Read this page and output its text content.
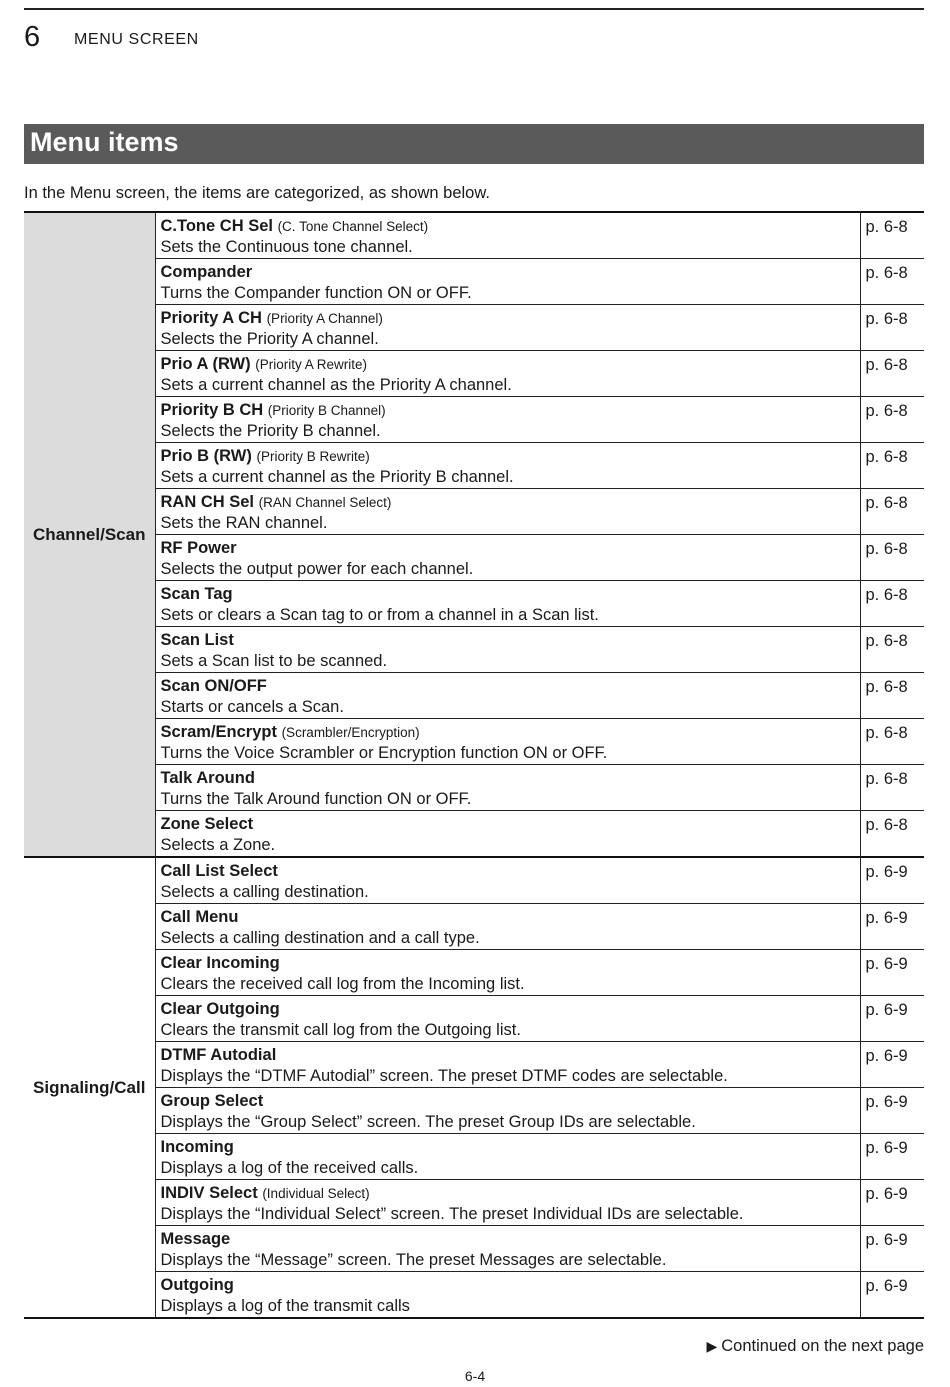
6 MENU SCREEN
Menu items
In the Menu screen, the items are categorized, as shown below.
Channel/Scan	C.Tone CH Sel (C. Tone Channel Select)
Sets the Continuous tone channel.	p. 6-8

	Compander
Turns the Compander function ON or OFF.	p. 6-8

	Priority A CH (Priority A Channel)
Selects the Priority A channel.	p. 6-8

	Prio A (RW) (Priority A Rewrite)
Sets a current channel as the Priority A channel.	p. 6-8

	Priority B CH (Priority B Channel)
Selects the Priority B channel.	p. 6-8

	Prio B (RW) (Priority B Rewrite)
Sets a current channel as the Priority B channel.	p. 6-8

	RAN CH Sel (RAN Channel Select)
Sets the RAN channel.	p. 6-8

	RF Power
Selects the output power for each channel.	p. 6-8

	Scan Tag
Sets or clears a Scan tag to or from a channel in a Scan list.	p. 6-8

	Scan List
Sets a Scan list to be scanned.	p. 6-8

	Scan ON/OFF
Starts or cancels a Scan.	p. 6-8

	Scram/Encrypt (Scrambler/Encryption)
Turns the Voice Scrambler or Encryption function ON or OFF.	p. 6-8

	Talk Around
Turns the Talk Around function ON or OFF.	p. 6-8

	Zone Select
Selects a Zone.	p. 6-8
Signaling/Call	Call List Select
Selects a calling destination.	p. 6-9

	Call Menu
Selects a calling destination and a call type.	p. 6-9

	Clear Incoming
Clears the received call log from the Incoming list.	p. 6-9

	Clear Outgoing
Clears the transmit call log from the Outgoing list.	p. 6-9

	DTMF Autodial
Displays the “DTMF Autodial” screen. The preset DTMF codes are selectable.	p. 6-9

	Group Select
Displays the “Group Select” screen. The preset Group IDs are selectable.	p. 6-9

	Incoming
Displays a log of the received calls.	p. 6-9

	INDIV Select (Individual Select)
Displays the “Individual Select” screen. The preset Individual IDs are selectable.	p. 6-9

	Message
Displays the “Message” screen. The preset Messages are selectable.	p. 6-9

	Outgoing
Displays a log of the transmit calls	p. 6-9
▶ Continued on the next page
6-4
